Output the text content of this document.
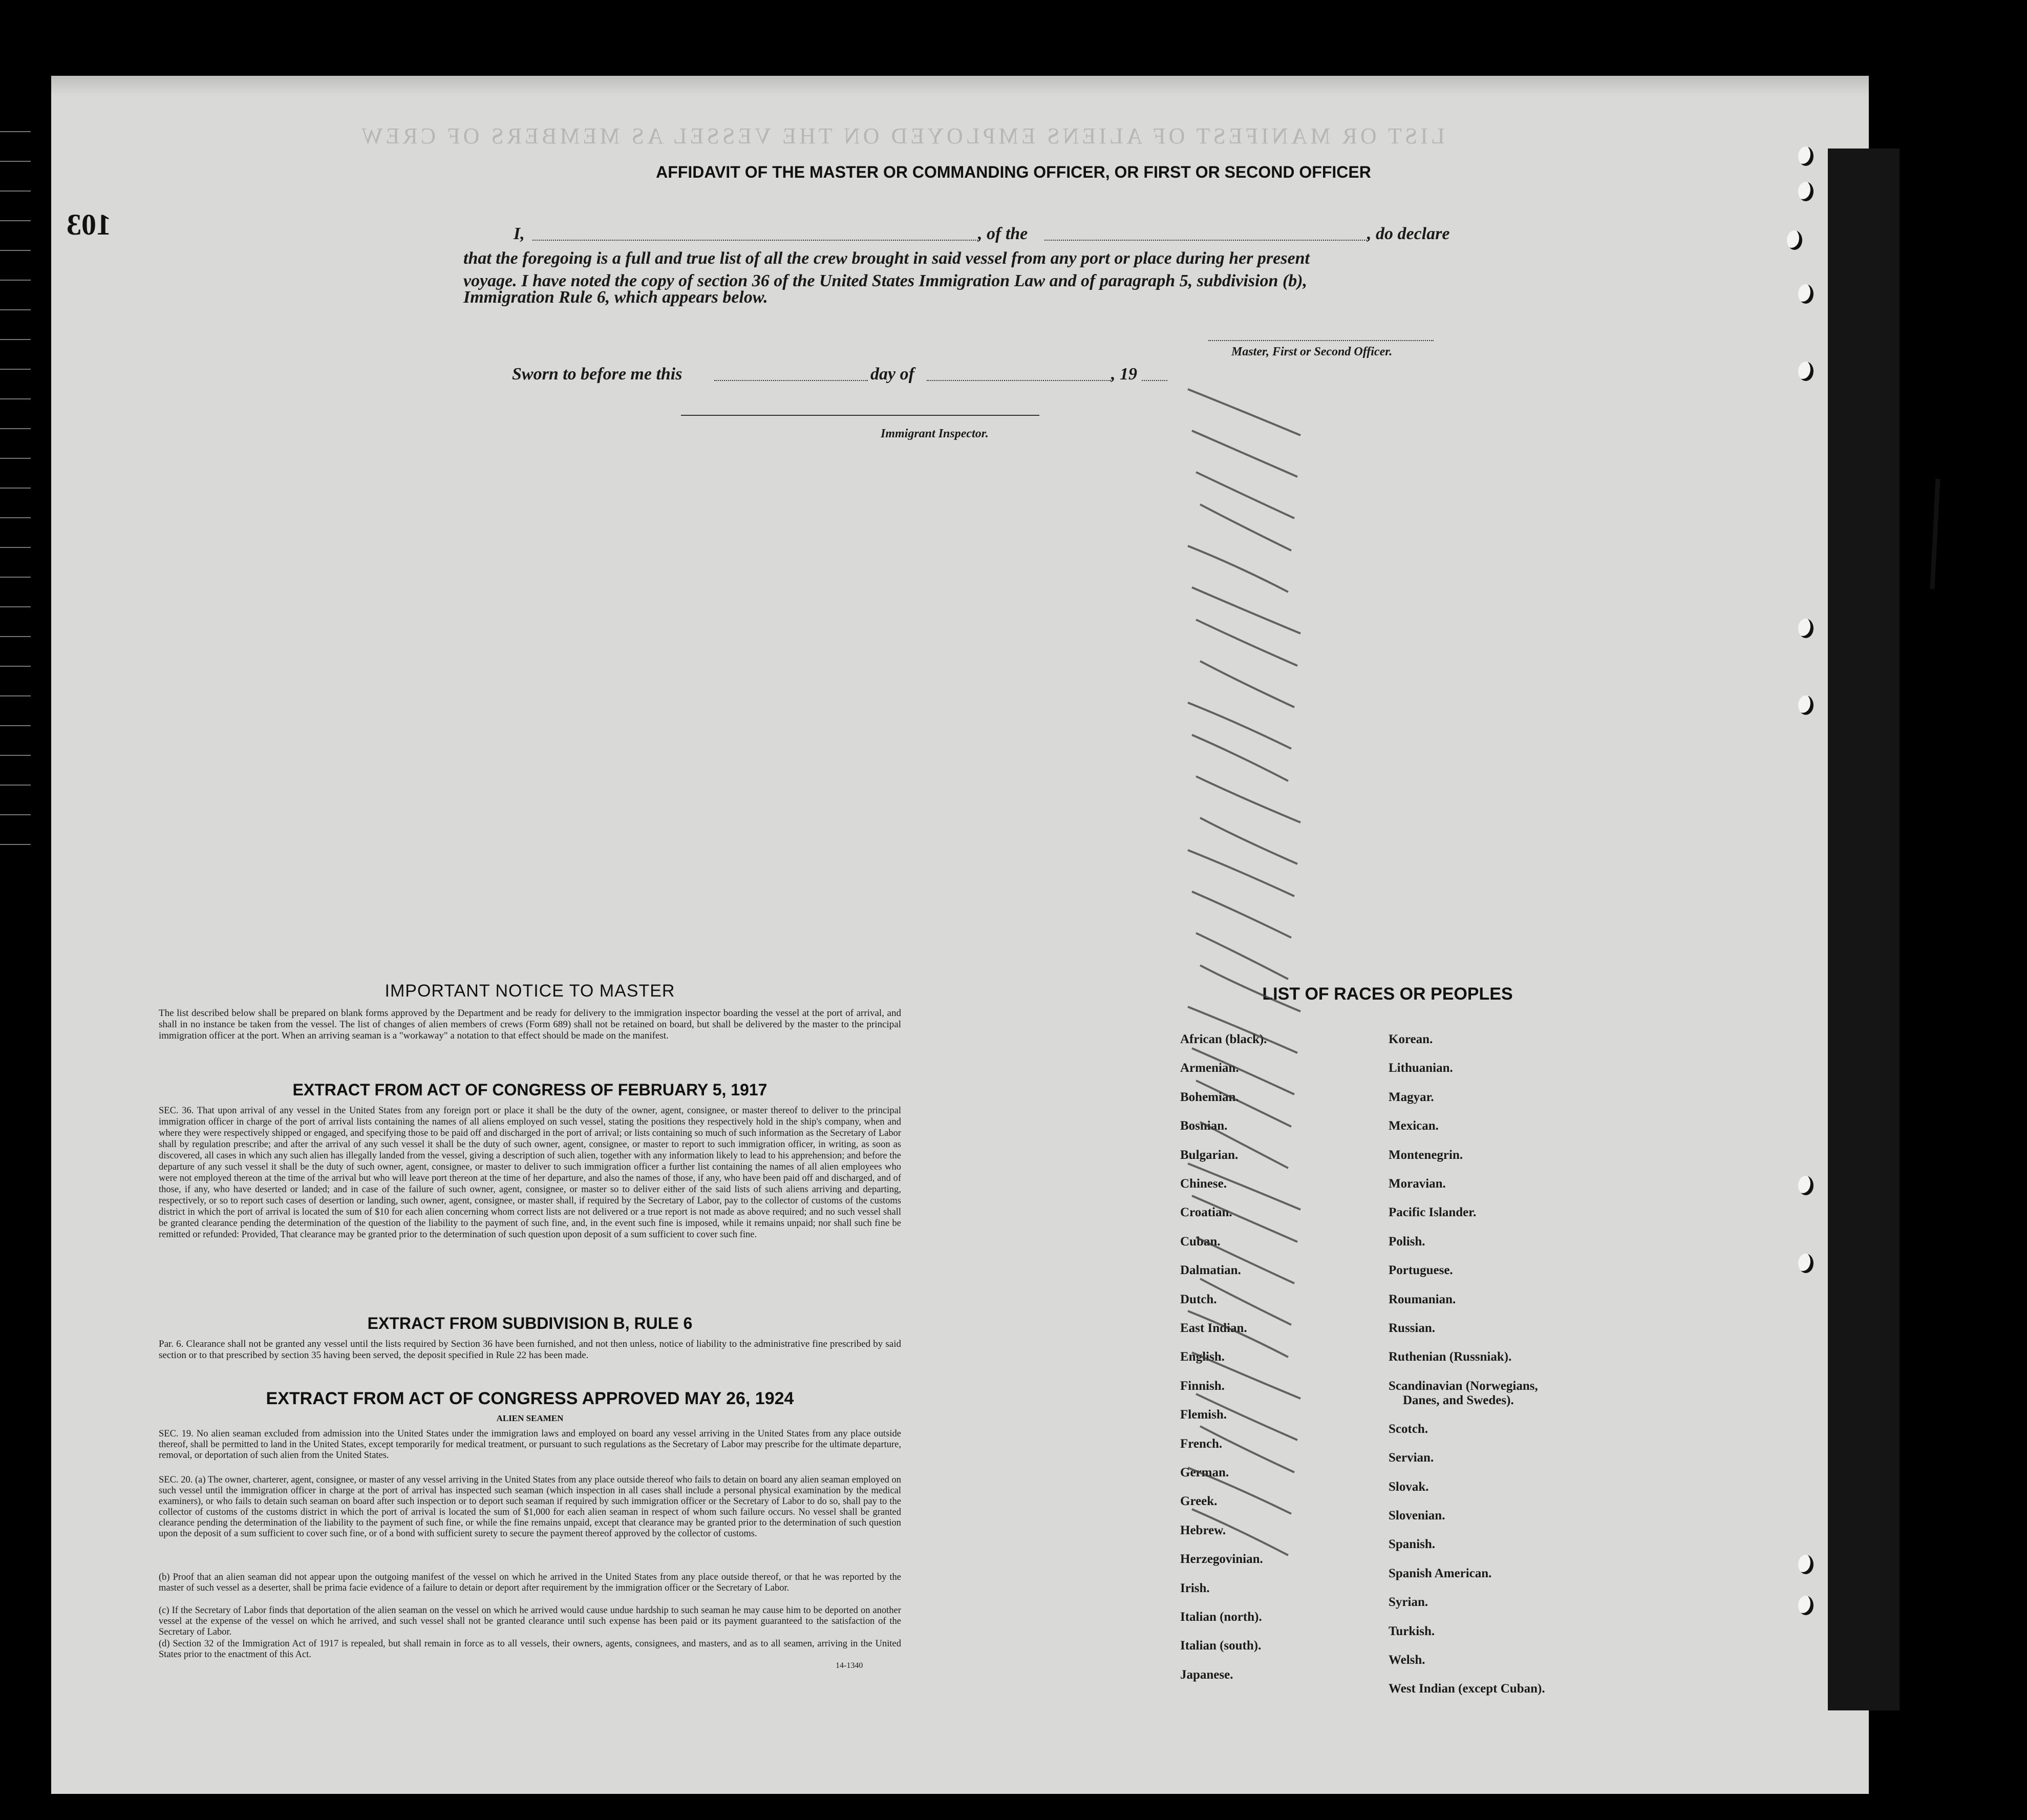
LIST OR MANIFEST OF ALIENS EMPLOYED ON THE VESSEL AS MEMBERS OF CREW
103
AFFIDAVIT OF THE MASTER OR COMMANDING OFFICER, OR FIRST OR SECOND OFFICER
I,	, of the	, do declare
that the foregoing is a full and true list of all the crew brought in said vessel from any port or place during her present
voyage. I have noted the copy of section 36 of the United States Immigration Law and of paragraph 5, subdivision (b),
Immigration Rule 6, which appears below.
Master, First or Second Officer.
Sworn to before me this	day of	, 19
Immigrant Inspector.
IMPORTANT NOTICE TO MASTER
The list described below shall be prepared on blank forms approved by the Department and be ready for delivery to the immigration inspector boarding the vessel at the port of arrival, and shall in no instance be taken from the vessel. The list of changes of alien members of crews (Form 689) shall not be retained on board, but shall be delivered by the master to the principal immigration officer at the port. When an arriving seaman is a "workaway" a notation to that effect should be made on the manifest.
EXTRACT FROM ACT OF CONGRESS OF FEBRUARY 5, 1917
SEC. 36. That upon arrival of any vessel in the United States from any foreign port or place it shall be the duty of the owner, agent, consignee, or master thereof to deliver to the principal immigration officer in charge of the port of arrival lists containing the names of all aliens employed on such vessel, stating the positions they respectively hold in the ship's company, when and where they were respectively shipped or engaged, and specifying those to be paid off and discharged in the port of arrival; or lists containing so much of such information as the Secretary of Labor shall by regulation prescribe; and after the arrival of any such vessel it shall be the duty of such owner, agent, consignee, or master to report to such immigration officer, in writing, as soon as discovered, all cases in which any such alien has illegally landed from the vessel, giving a description of such alien, together with any information likely to lead to his apprehension; and before the departure of any such vessel it shall be the duty of such owner, agent, consignee, or master to deliver to such immigration officer a further list containing the names of all alien employees who were not employed thereon at the time of the arrival but who will leave port thereon at the time of her departure, and also the names of those, if any, who have been paid off and discharged, and of those, if any, who have deserted or landed; and in case of the failure of such owner, agent, consignee, or master so to deliver either of the said lists of such aliens arriving and departing, respectively, or so to report such cases of desertion or landing, such owner, agent, consignee, or master shall, if required by the Secretary of Labor, pay to the collector of customs of the customs district in which the port of arrival is located the sum of $10 for each alien concerning whom correct lists are not delivered or a true report is not made as above required; and no such vessel shall be granted clearance pending the determination of the question of the liability to the payment of such fine, and, in the event such fine is imposed, while it remains unpaid; nor shall such fine be remitted or refunded: Provided, That clearance may be granted prior to the determination of such question upon deposit of a sum sufficient to cover such fine.
EXTRACT FROM SUBDIVISION B, RULE 6
Par. 6. Clearance shall not be granted any vessel until the lists required by Section 36 have been furnished, and not then unless, notice of liability to the administrative fine prescribed by said section or to that prescribed by section 35 having been served, the deposit specified in Rule 22 has been made.
EXTRACT FROM ACT OF CONGRESS APPROVED MAY 26, 1924
ALIEN SEAMEN
SEC. 19. No alien seaman excluded from admission into the United States under the immigration laws and employed on board any vessel arriving in the United States from any place outside thereof, shall be permitted to land in the United States, except temporarily for medical treatment, or pursuant to such regulations as the Secretary of Labor may prescribe for the ultimate departure, removal, or deportation of such alien from the United States.
SEC. 20. (a) The owner, charterer, agent, consignee, or master of any vessel arriving in the United States from any place outside thereof who fails to detain on board any alien seaman employed on such vessel until the immigration officer in charge at the port of arrival has inspected such seaman (which inspection in all cases shall include a personal physical examination by the medical examiners), or who fails to detain such seaman on board after such inspection or to deport such seaman if required by such immigration officer or the Secretary of Labor to do so, shall pay to the collector of customs of the customs district in which the port of arrival is located the sum of $1,000 for each alien seaman in respect of whom such failure occurs. No vessel shall be granted clearance pending the determination of the liability to the payment of such fine, or while the fine remains unpaid, except that clearance may be granted prior to the determination of such question upon the deposit of a sum sufficient to cover such fine, or of a bond with sufficient surety to secure the payment thereof approved by the collector of customs.
(b) Proof that an alien seaman did not appear upon the outgoing manifest of the vessel on which he arrived in the United States from any place outside thereof, or that he was reported by the master of such vessel as a deserter, shall be prima facie evidence of a failure to detain or deport after requirement by the immigration officer or the Secretary of Labor.
(c) If the Secretary of Labor finds that deportation of the alien seaman on the vessel on which he arrived would cause undue hardship to such seaman he may cause him to be deported on another vessel at the expense of the vessel on which he arrived, and such vessel shall not be granted clearance until such expense has been paid or its payment guaranteed to the satisfaction of the Secretary of Labor.
(d) Section 32 of the Immigration Act of 1917 is repealed, but shall remain in force as to all vessels, their owners, agents, consignees, and masters, and as to all seamen, arriving in the United States prior to the enactment of this Act.
14-1340
LIST OF RACES OR PEOPLES
African (black).
Armenian.
Bohemian.
Bosnian.
Bulgarian.
Chinese.
Croatian.
Cuban.
Dalmatian.
Dutch.
East Indian.
English.
Finnish.
Flemish.
French.
German.
Greek.
Hebrew.
Herzegovinian.
Irish.
Italian (north).
Italian (south).
Japanese.
Korean.
Lithuanian.
Magyar.
Mexican.
Montenegrin.
Moravian.
Pacific Islander.
Polish.
Portuguese.
Roumanian.
Russian.
Ruthenian (Russniak).
Scandinavian (Norwegians,
Danes, and Swedes).
Scotch.
Servian.
Slovak.
Slovenian.
Spanish.
Spanish American.
Syrian.
Turkish.
Welsh.
West Indian (except Cuban).
